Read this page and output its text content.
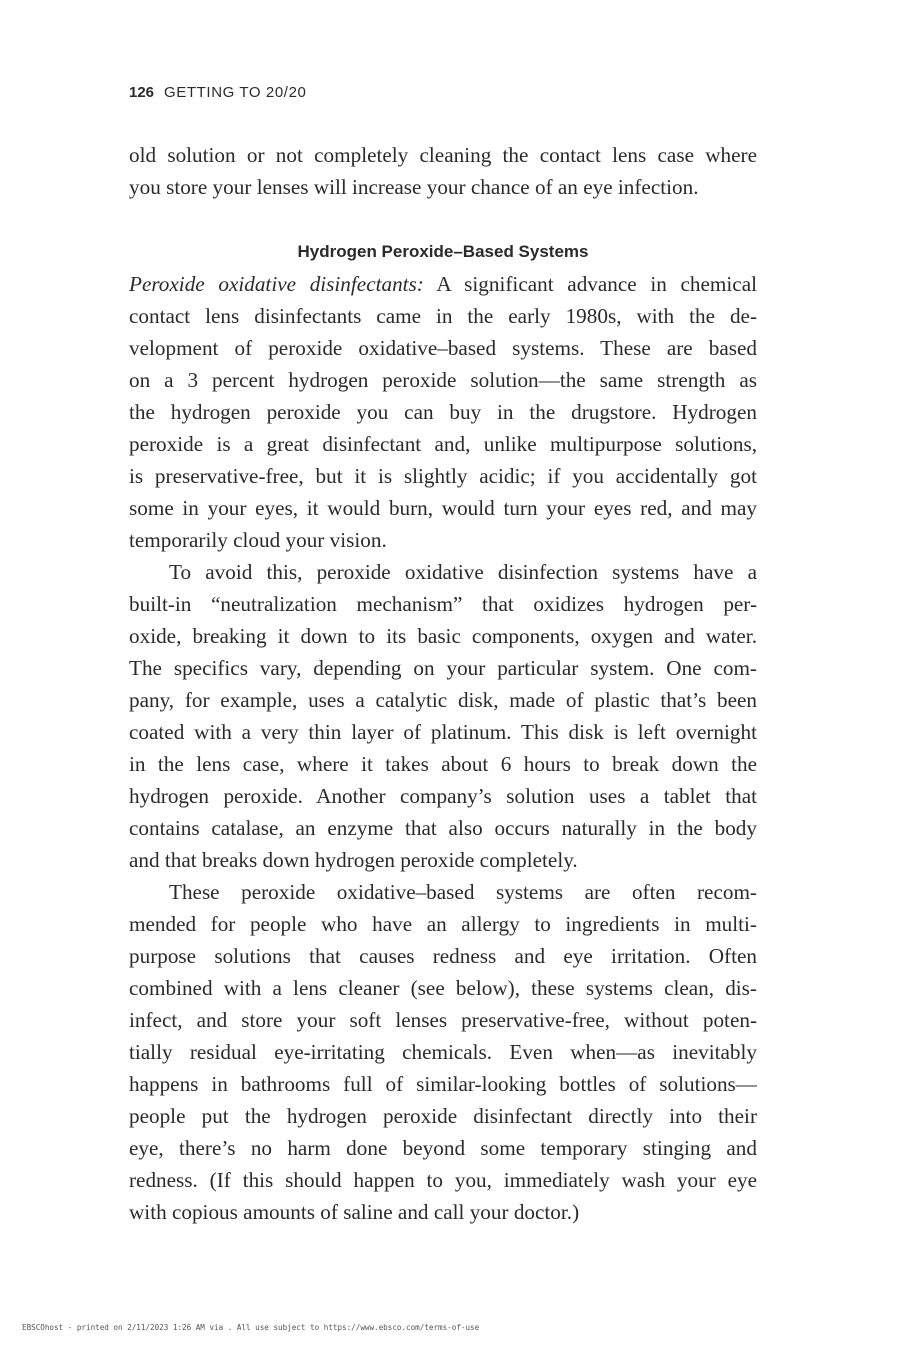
126 GETTING TO 20/20
old solution or not completely cleaning the contact lens case where
you store your lenses will increase your chance of an eye infection.
Hydrogen Peroxide–Based Systems
Peroxide oxidative disinfectants: A significant advance in chemical
contact lens disinfectants came in the early 1980s, with the de-
velopment of peroxide oxidative–based systems. These are based
on a 3 percent hydrogen peroxide solution—the same strength as
the hydrogen peroxide you can buy in the drugstore. Hydrogen
peroxide is a great disinfectant and, unlike multipurpose solutions,
is preservative-free, but it is slightly acidic; if you accidentally got
some in your eyes, it would burn, would turn your eyes red, and may
temporarily cloud your vision.
To avoid this, peroxide oxidative disinfection systems have a
built-in “neutralization mechanism” that oxidizes hydrogen per-
oxide, breaking it down to its basic components, oxygen and water.
The specifics vary, depending on your particular system. One com-
pany, for example, uses a catalytic disk, made of plastic that’s been
coated with a very thin layer of platinum. This disk is left overnight
in the lens case, where it takes about 6 hours to break down the
hydrogen peroxide. Another company’s solution uses a tablet that
contains catalase, an enzyme that also occurs naturally in the body
and that breaks down hydrogen peroxide completely.
These peroxide oxidative–based systems are often recom-
mended for people who have an allergy to ingredients in multi-
purpose solutions that causes redness and eye irritation. Often
combined with a lens cleaner (see below), these systems clean, dis-
infect, and store your soft lenses preservative-free, without poten-
tially residual eye-irritating chemicals. Even when—as inevitably
happens in bathrooms full of similar-looking bottles of solutions—
people put the hydrogen peroxide disinfectant directly into their
eye, there’s no harm done beyond some temporary stinging and
redness. (If this should happen to you, immediately wash your eye
with copious amounts of saline and call your doctor.)
EBSCOhost - printed on 2/11/2023 1:26 AM via . All use subject to https://www.ebsco.com/terms-of-use
